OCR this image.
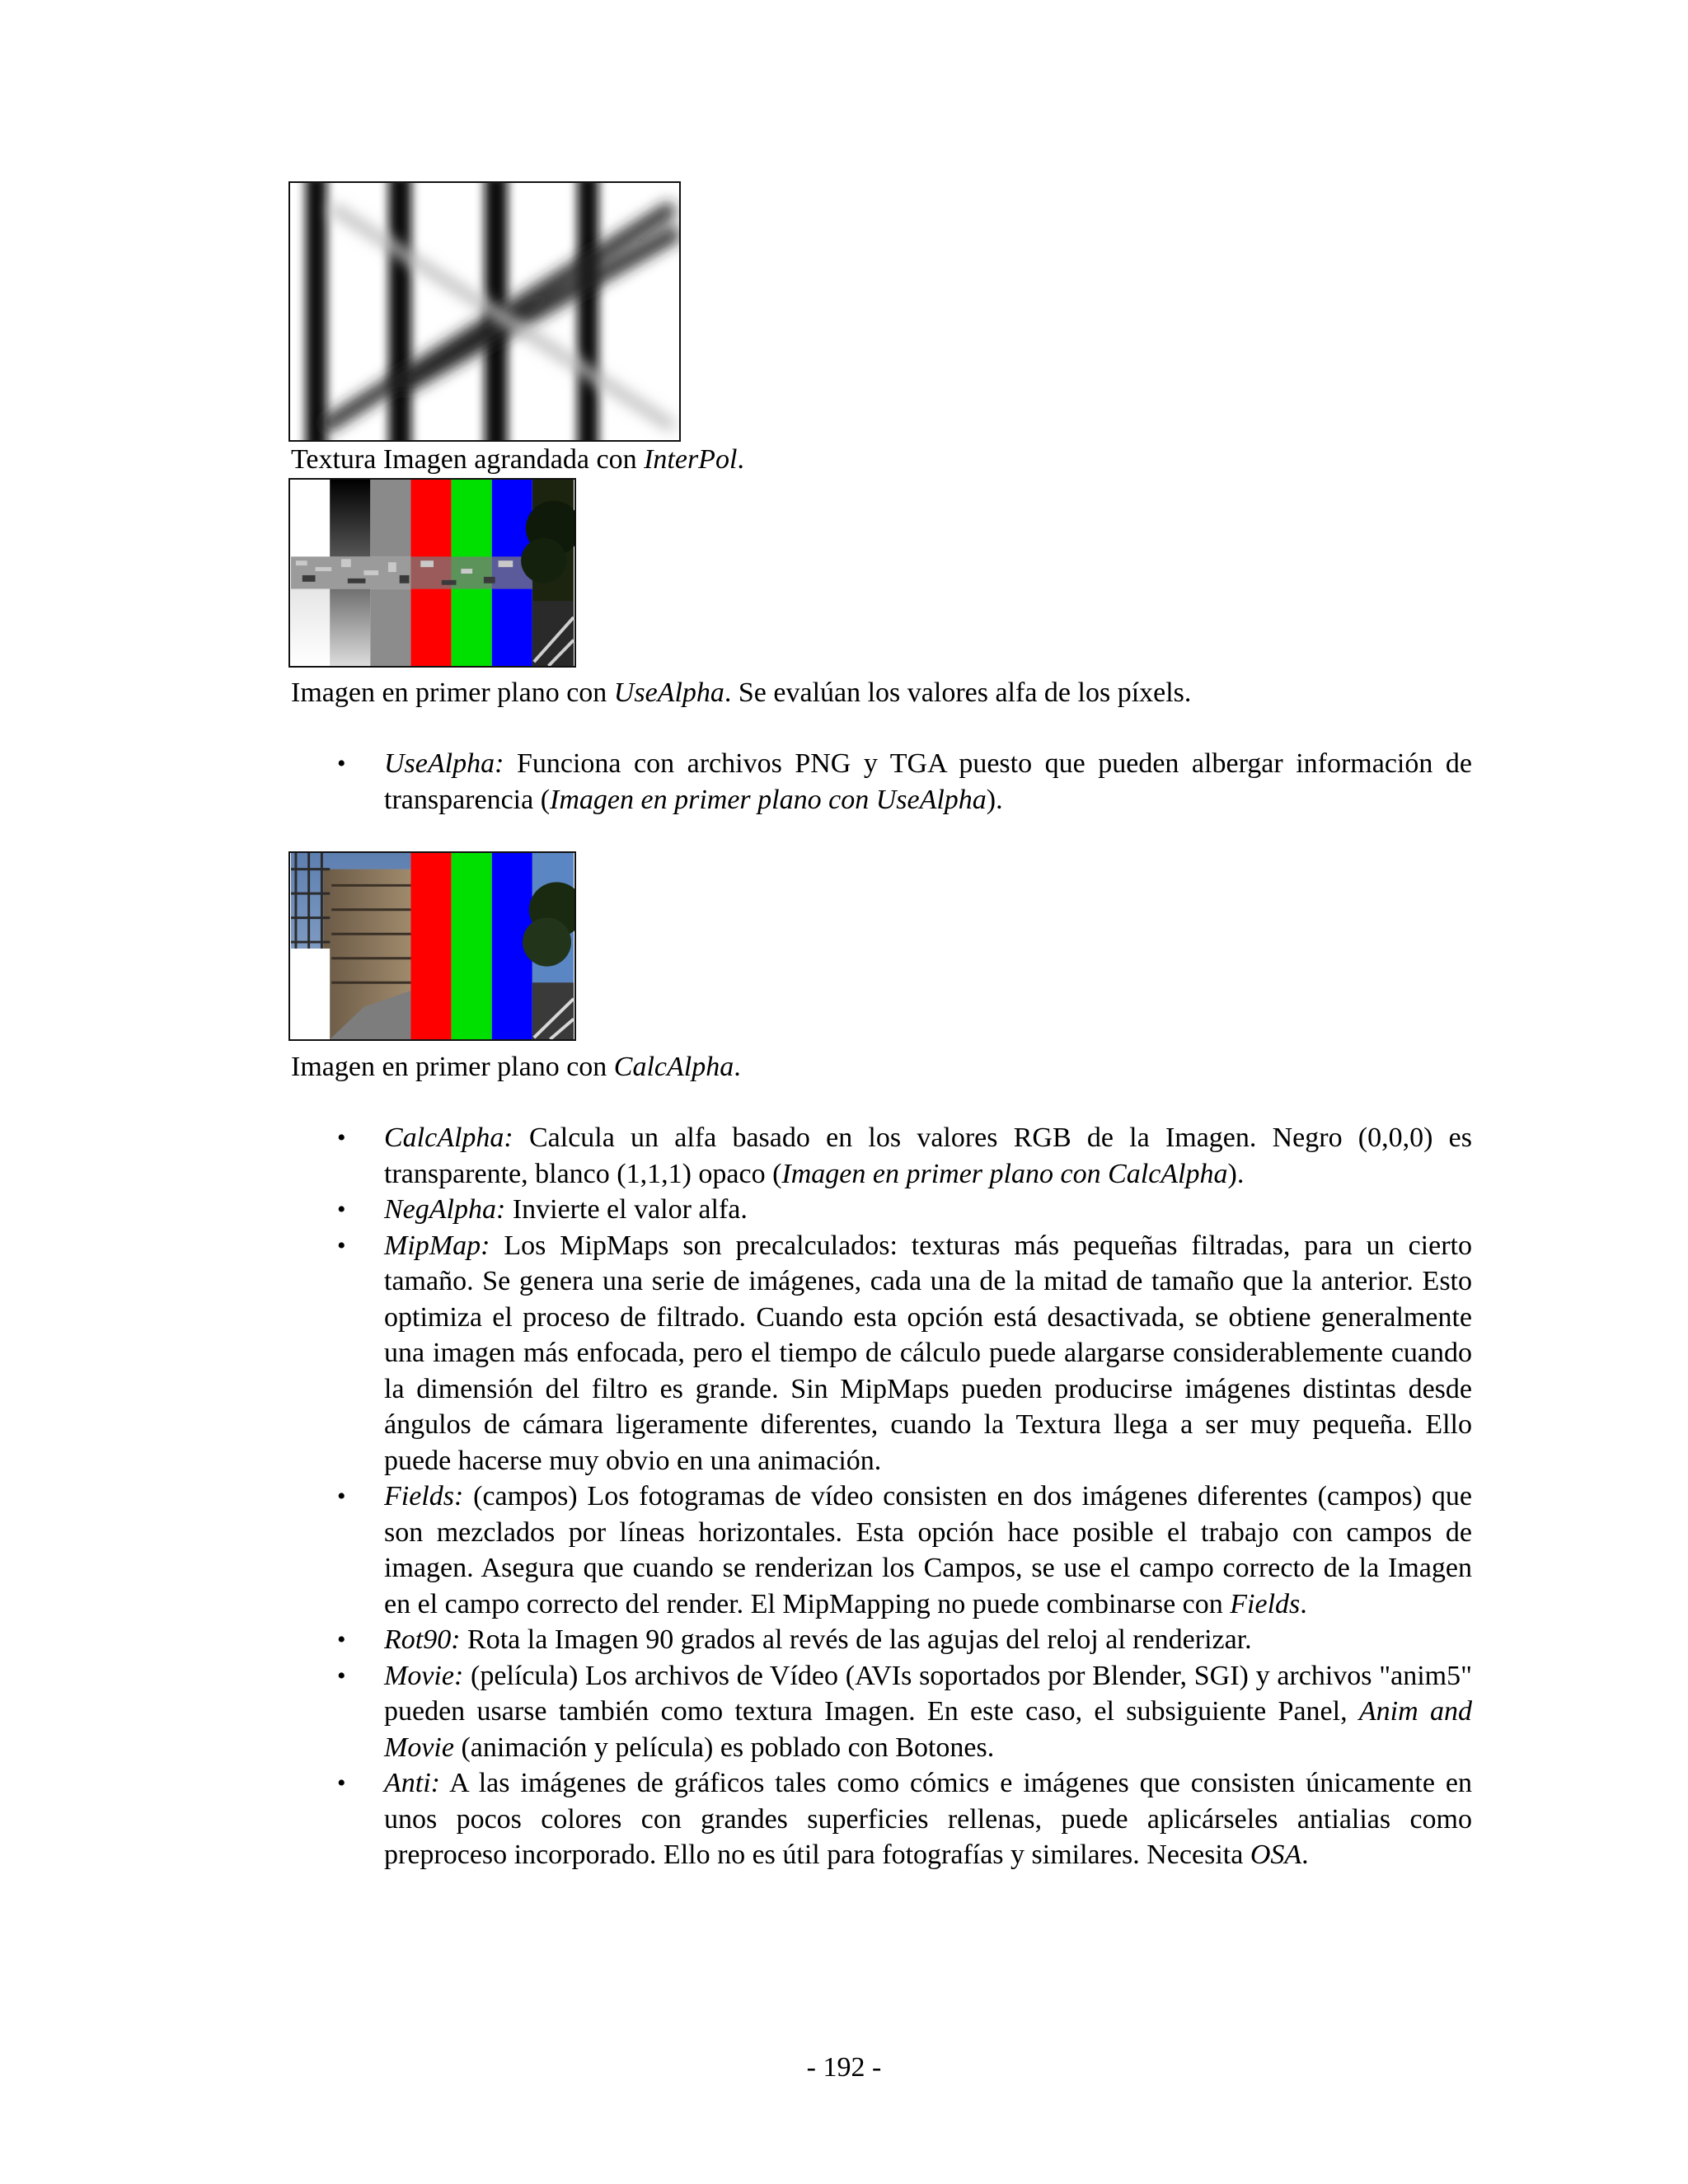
Textura Imagen agrandada con InterPol.
Imagen en primer plano con UseAlpha. Se evalúan los valores alfa de los píxels.
• UseAlpha: Funciona con archivos PNG y TGA puesto que pueden albergar información de transparencia (Imagen en primer plano con UseAlpha).
Imagen en primer plano con CalcAlpha.
• CalcAlpha: Calcula un alfa basado en los valores RGB de la Imagen. Negro (0,0,0) es transparente, blanco (1,1,1) opaco (Imagen en primer plano con CalcAlpha).
• NegAlpha: Invierte el valor alfa.
• MipMap: Los MipMaps son precalculados: texturas más pequeñas filtradas, para un cierto tamaño. Se genera una serie de imágenes, cada una de la mitad de tamaño que la anterior. Esto optimiza el proceso de filtrado. Cuando esta opción está desactivada, se obtiene generalmente una imagen más enfocada, pero el tiempo de cálculo puede alargarse considerablemente cuando la dimensión del filtro es grande. Sin MipMaps pueden producirse imágenes distintas desde ángulos de cámara ligeramente diferentes, cuando la Textura llega a ser muy pequeña. Ello puede hacerse muy obvio en una animación.
• Fields: (campos) Los fotogramas de vídeo consisten en dos imágenes diferentes (campos) que son mezclados por líneas horizontales. Esta opción hace posible el trabajo con campos de imagen. Asegura que cuando se renderizan los Campos, se use el campo correcto de la Imagen en el campo correcto del render. El MipMapping no puede combinarse con Fields.
• Rot90: Rota la Imagen 90 grados al revés de las agujas del reloj al renderizar.
• Movie: (película) Los archivos de Vídeo (AVIs soportados por Blender, SGI) y archivos "anim5" pueden usarse también como textura Imagen. En este caso, el subsiguiente Panel, Anim and Movie (animación y película) es poblado con Botones.
• Anti: A las imágenes de gráficos tales como cómics e imágenes que consisten únicamente en unos pocos colores con grandes superficies rellenas, puede aplicárseles antialias como preproceso incorporado. Ello no es útil para fotografías y similares. Necesita OSA.
- 192 -
